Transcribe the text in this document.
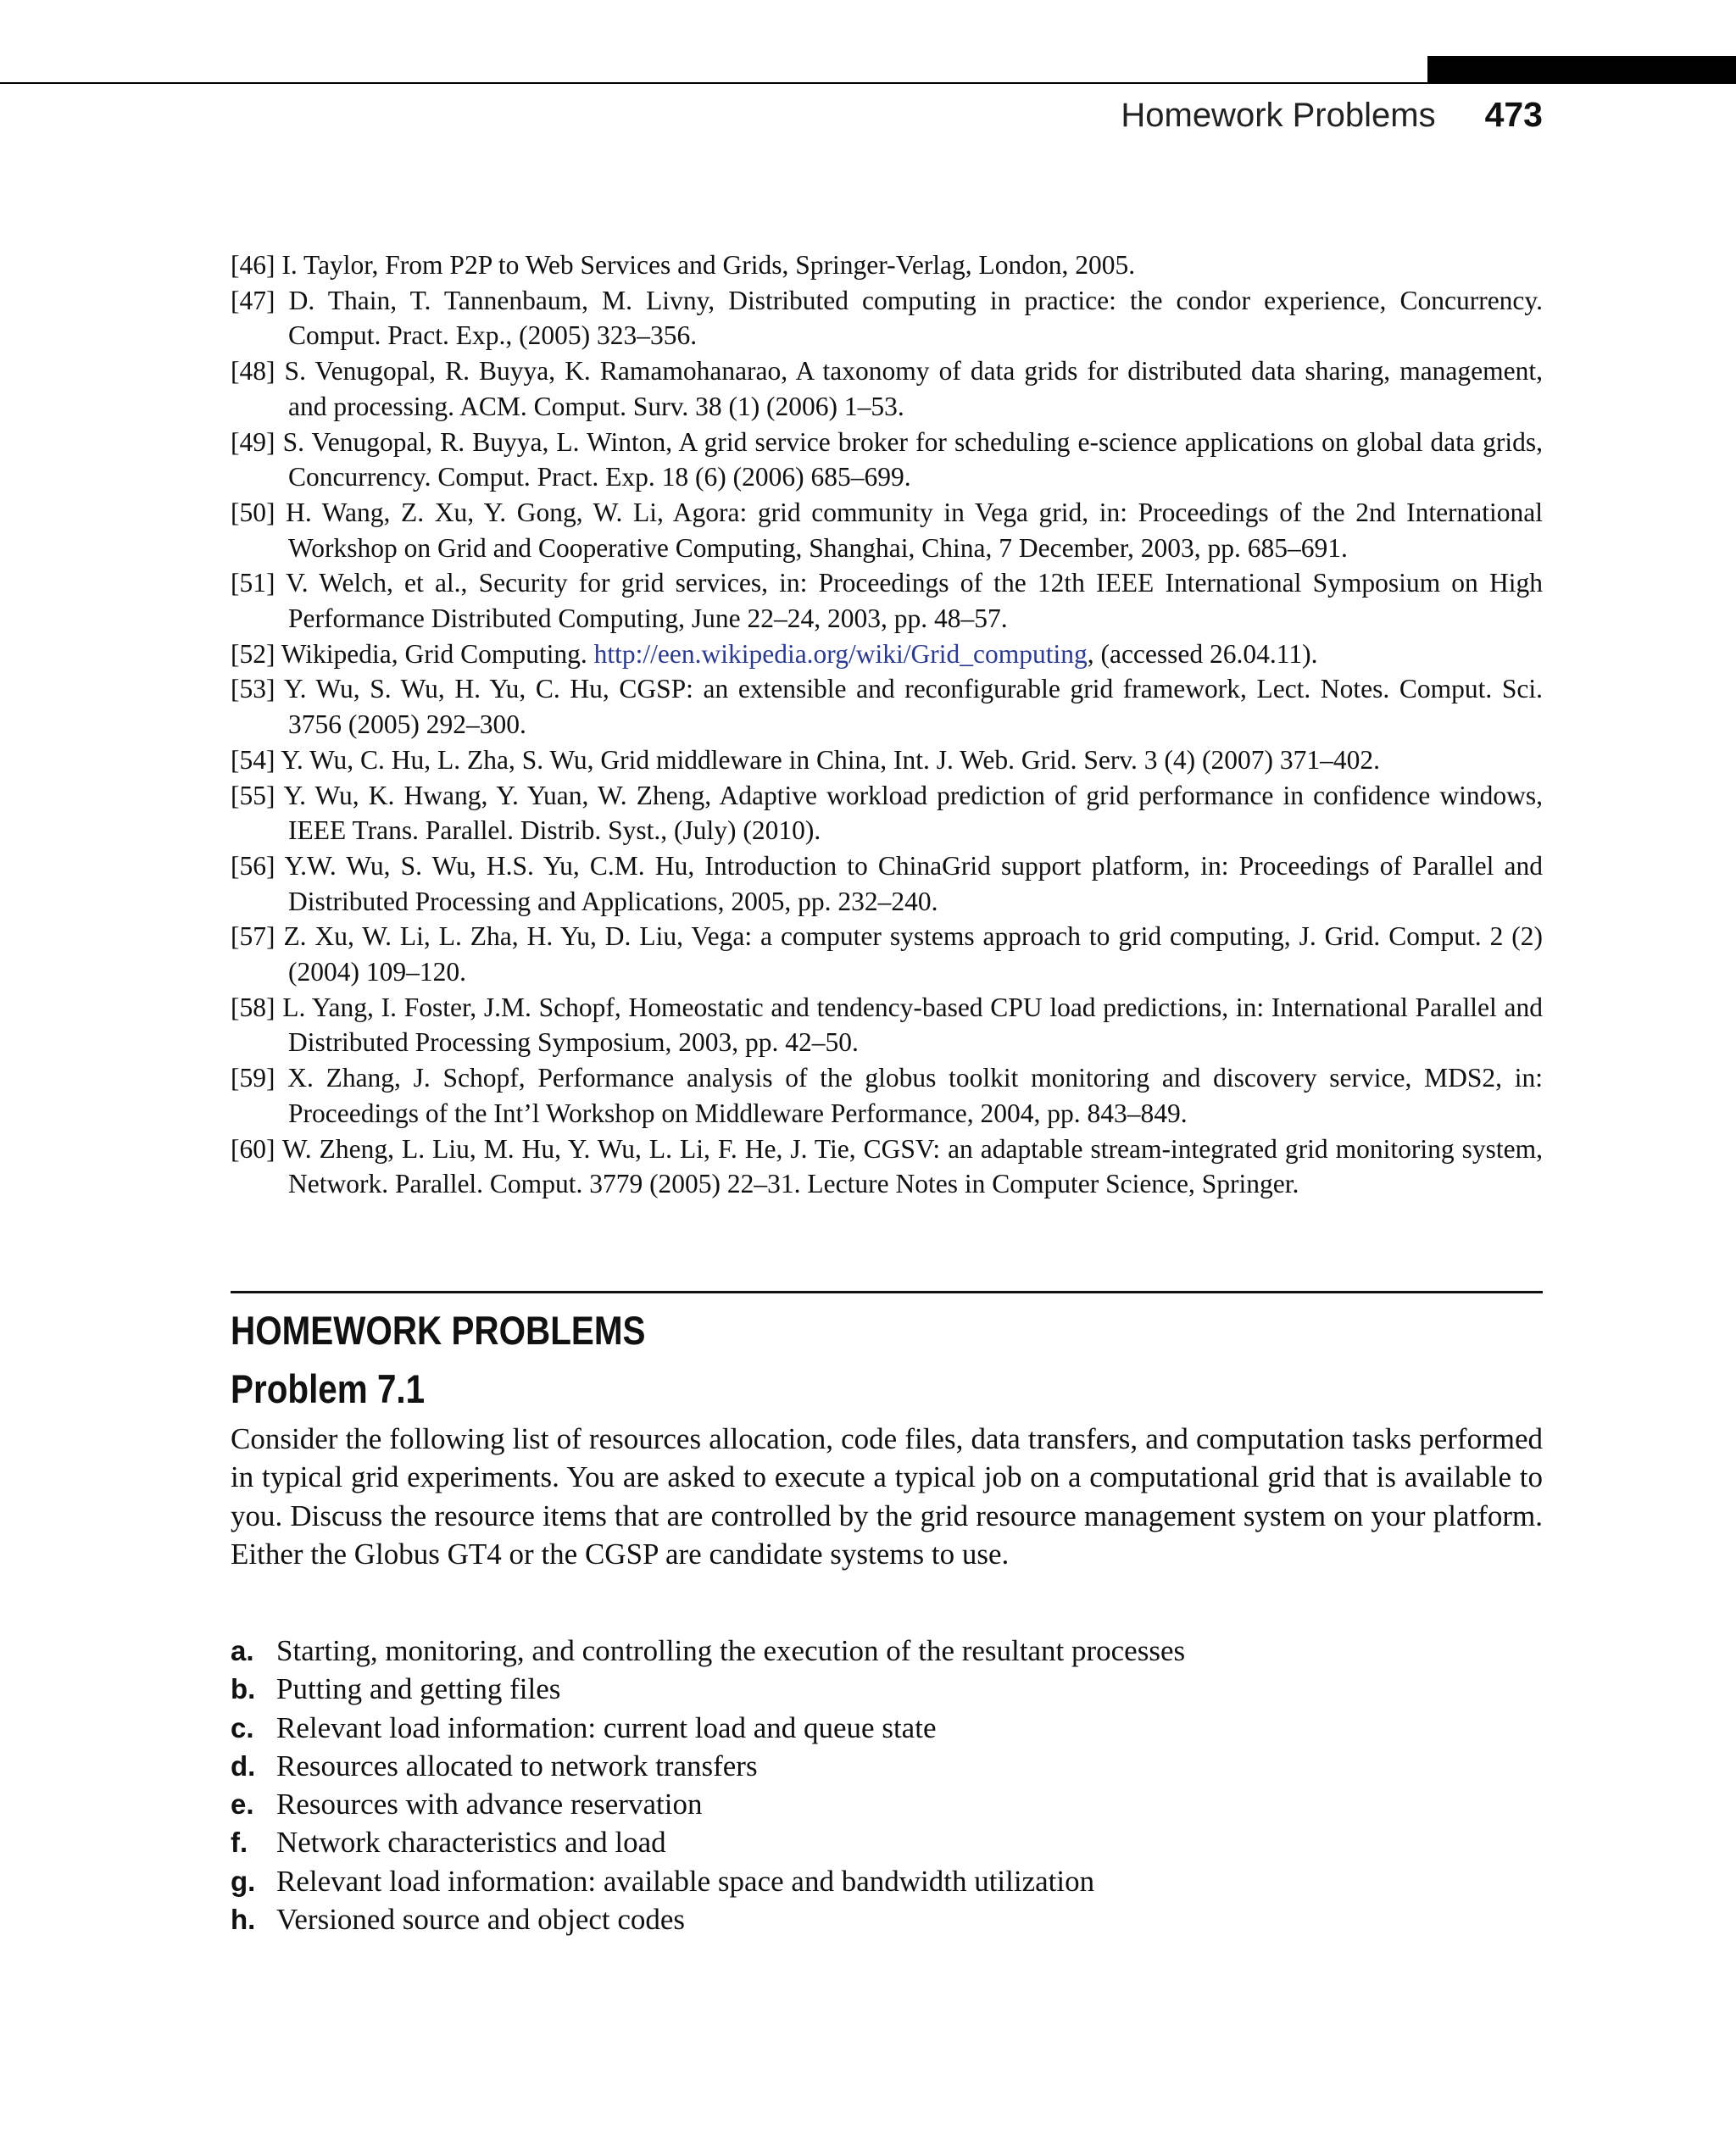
Homework Problems 473
[46] I. Taylor, From P2P to Web Services and Grids, Springer-Verlag, London, 2005.
[47] D. Thain, T. Tannenbaum, M. Livny, Distributed computing in practice: the condor experience, Concurrency. Comput. Pract. Exp., (2005) 323–356.
[48] S. Venugopal, R. Buyya, K. Ramamohanarao, A taxonomy of data grids for distributed data sharing, management, and processing. ACM. Comput. Surv. 38 (1) (2006) 1–53.
[49] S. Venugopal, R. Buyya, L. Winton, A grid service broker for scheduling e-science applications on global data grids, Concurrency. Comput. Pract. Exp. 18 (6) (2006) 685–699.
[50] H. Wang, Z. Xu, Y. Gong, W. Li, Agora: grid community in Vega grid, in: Proceedings of the 2nd International Workshop on Grid and Cooperative Computing, Shanghai, China, 7 December, 2003, pp. 685–691.
[51] V. Welch, et al., Security for grid services, in: Proceedings of the 12th IEEE International Symposium on High Performance Distributed Computing, June 22–24, 2003, pp. 48–57.
[52] Wikipedia, Grid Computing. http://een.wikipedia.org/wiki/Grid_computing, (accessed 26.04.11).
[53] Y. Wu, S. Wu, H. Yu, C. Hu, CGSP: an extensible and reconfigurable grid framework, Lect. Notes. Comput. Sci. 3756 (2005) 292–300.
[54] Y. Wu, C. Hu, L. Zha, S. Wu, Grid middleware in China, Int. J. Web. Grid. Serv. 3 (4) (2007) 371–402.
[55] Y. Wu, K. Hwang, Y. Yuan, W. Zheng, Adaptive workload prediction of grid performance in confidence windows, IEEE Trans. Parallel. Distrib. Syst., (July) (2010).
[56] Y.W. Wu, S. Wu, H.S. Yu, C.M. Hu, Introduction to ChinaGrid support platform, in: Proceedings of Parallel and Distributed Processing and Applications, 2005, pp. 232–240.
[57] Z. Xu, W. Li, L. Zha, H. Yu, D. Liu, Vega: a computer systems approach to grid computing, J. Grid. Comput. 2 (2) (2004) 109–120.
[58] L. Yang, I. Foster, J.M. Schopf, Homeostatic and tendency-based CPU load predictions, in: International Parallel and Distributed Processing Symposium, 2003, pp. 42–50.
[59] X. Zhang, J. Schopf, Performance analysis of the globus toolkit monitoring and discovery service, MDS2, in: Proceedings of the Int’l Workshop on Middleware Performance, 2004, pp. 843–849.
[60] W. Zheng, L. Liu, M. Hu, Y. Wu, L. Li, F. He, J. Tie, CGSV: an adaptable stream-integrated grid monitoring system, Network. Parallel. Comput. 3779 (2005) 22–31. Lecture Notes in Computer Science, Springer.
HOMEWORK PROBLEMS
Problem 7.1
Consider the following list of resources allocation, code files, data transfers, and computation tasks performed in typical grid experiments. You are asked to execute a typical job on a computational grid that is available to you. Discuss the resource items that are controlled by the grid resource management system on your platform. Either the Globus GT4 or the CGSP are candidate systems to use.
a. Starting, monitoring, and controlling the execution of the resultant processes
b. Putting and getting files
c. Relevant load information: current load and queue state
d. Resources allocated to network transfers
e. Resources with advance reservation
f. Network characteristics and load
g. Relevant load information: available space and bandwidth utilization
h. Versioned source and object codes
